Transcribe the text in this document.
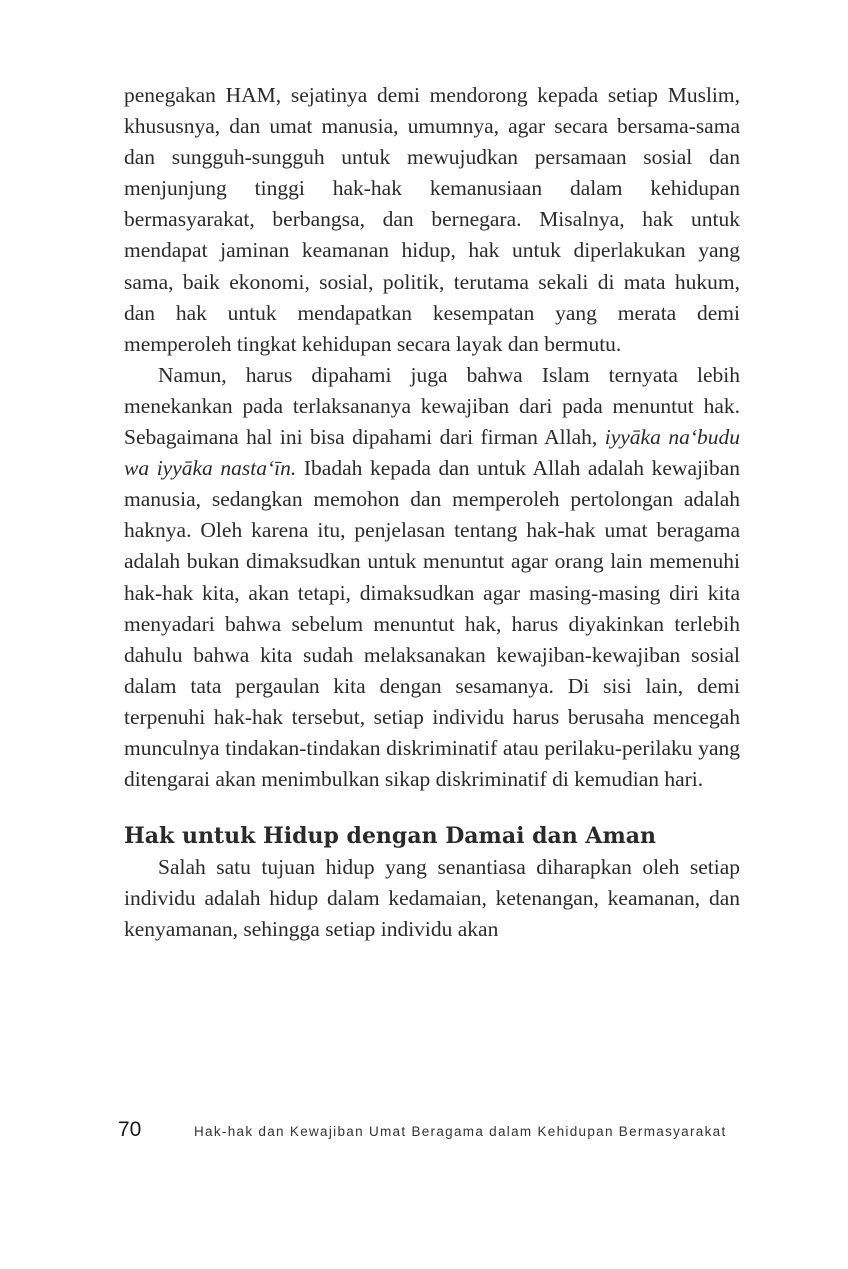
penegakan HAM, sejatinya demi mendorong kepada setiap Muslim, khususnya, dan umat manusia, umumnya, agar secara bersama-sama dan sungguh-sungguh untuk mewujudkan persamaan sosial dan menjunjung tinggi hak-hak kemanusiaan dalam kehidupan bermasyarakat, berbangsa, dan bernegara. Misalnya, hak untuk mendapat jaminan keamanan hidup, hak untuk diperlakukan yang sama, baik ekonomi, sosial, politik, terutama sekali di mata hukum, dan hak untuk mendapatkan kesempatan yang merata demi memperoleh tingkat kehidupan secara layak dan bermutu.

Namun, harus dipahami juga bahwa Islam ternyata lebih menekankan pada terlaksananya kewajiban dari pada menuntut hak. Sebagaimana hal ini bisa dipahami dari firman Allah, iyyāka na‘budu wa iyyāka nasta‘īn. Ibadah kepada dan untuk Allah adalah kewajiban manusia, sedangkan memohon dan memperoleh pertolongan adalah haknya. Oleh karena itu, penjelasan tentang hak-hak umat beragama adalah bukan dimaksudkan untuk menuntut agar orang lain memenuhi hak-hak kita, akan tetapi, dimaksudkan agar masing-masing diri kita menyadari bahwa sebelum menuntut hak, harus diyakinkan terlebih dahulu bahwa kita sudah melaksanakan kewajiban-kewajiban sosial dalam tata pergaulan kita dengan sesamanya. Di sisi lain, demi terpenuhi hak-hak tersebut, setiap individu harus berusaha mencegah munculnya tindakan-tindakan diskriminatif atau perilaku-perilaku yang ditengarai akan menimbulkan sikap diskriminatif di kemudian hari.

Hak untuk Hidup dengan Damai dan Aman

Salah satu tujuan hidup yang senantiasa diharapkan oleh setiap individu adalah hidup dalam kedamaian, ketenangan, keamanan, dan kenyamanan, sehingga setiap individu akan

70	Hak-hak dan Kewajiban Umat Beragama dalam Kehidupan Bermasyarakat
